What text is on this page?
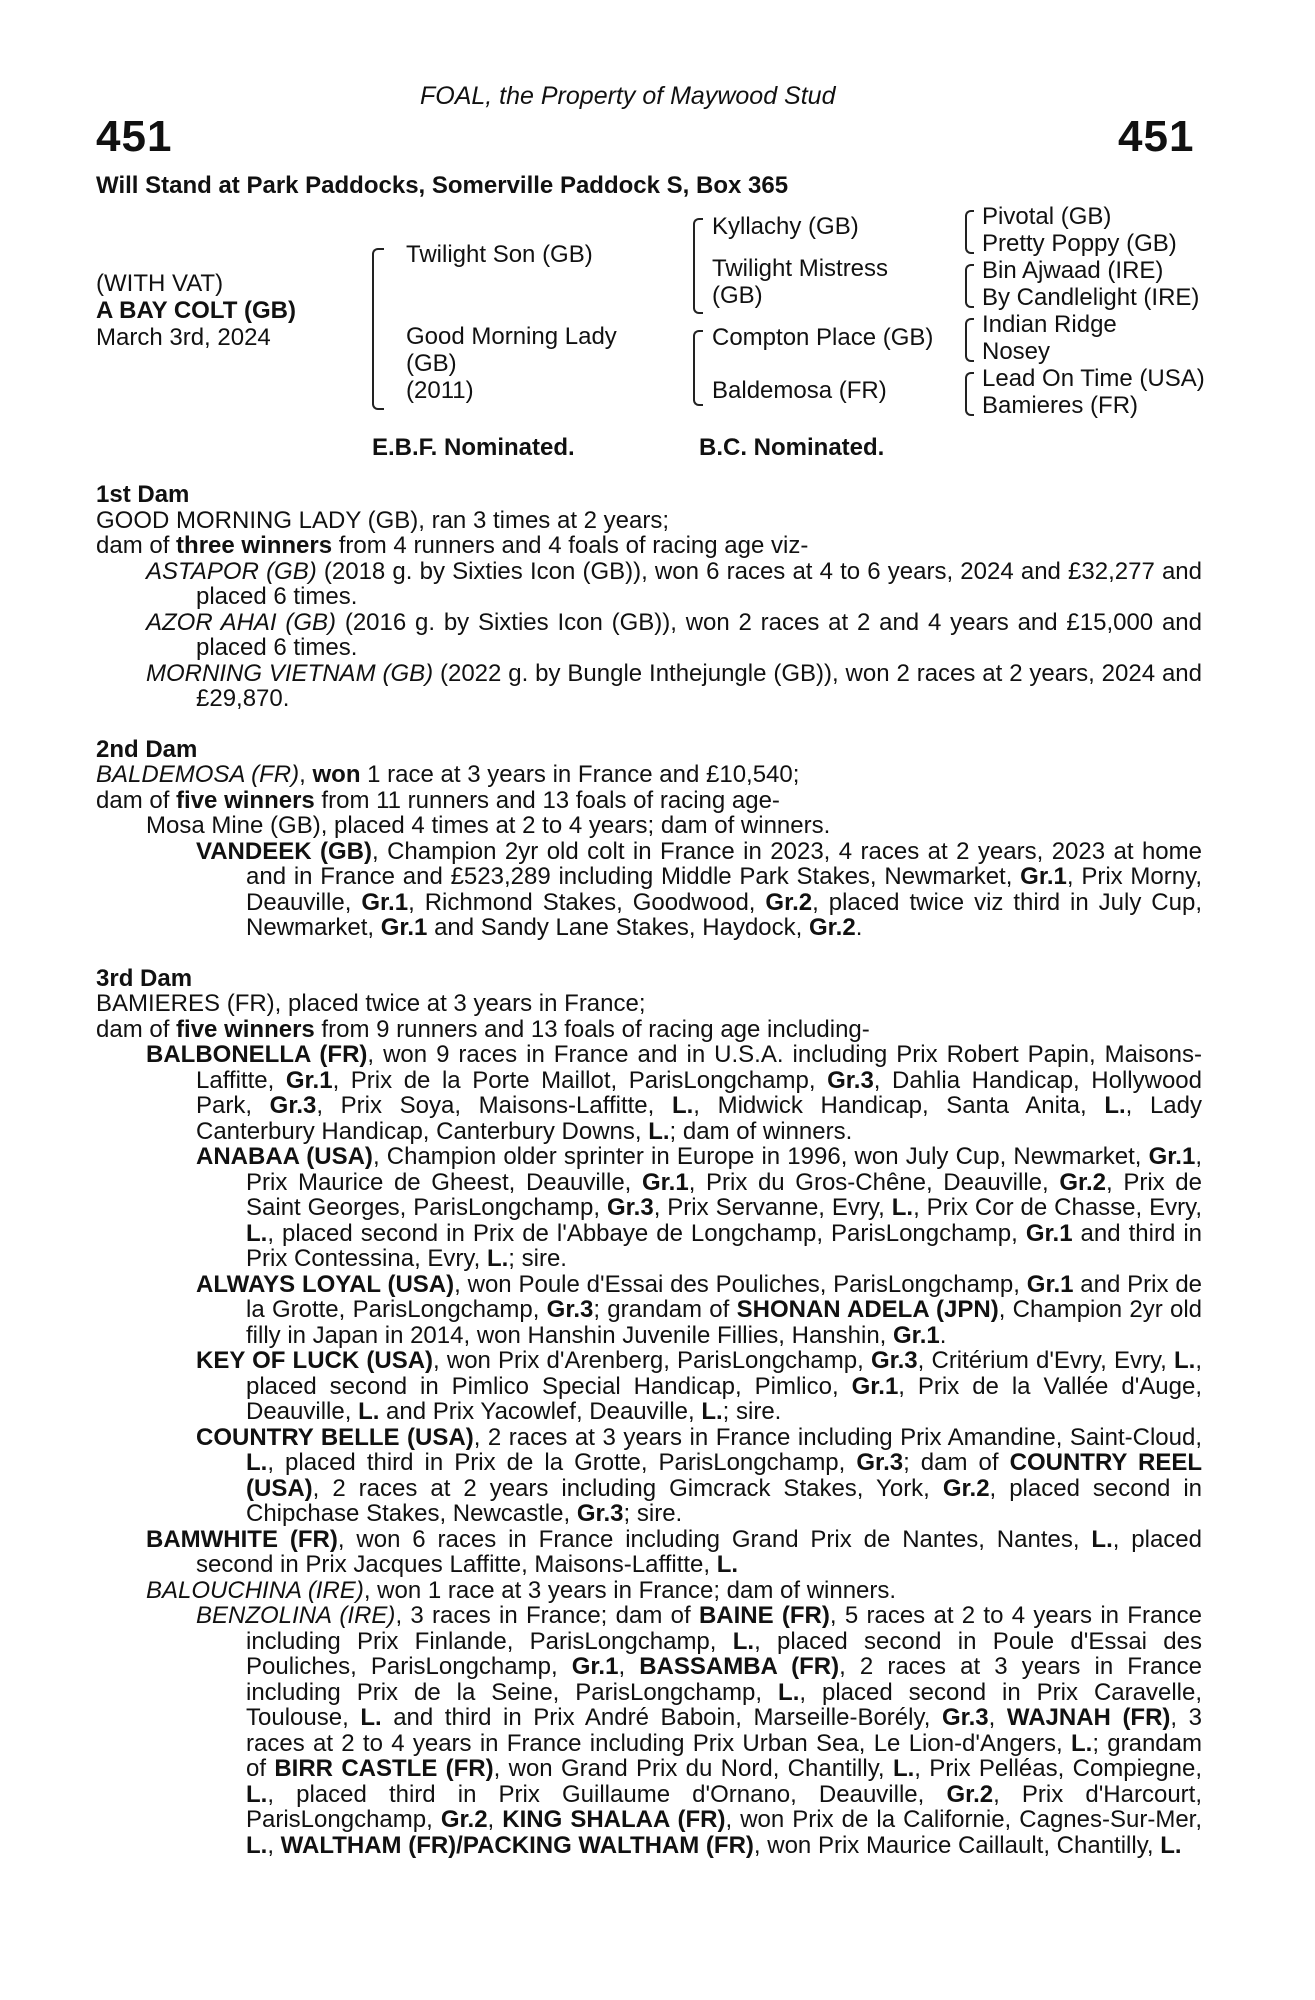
FOAL, the Property of Maywood Stud
451	451
Will Stand at Park Paddocks, Somerville Paddock S, Box 365
(WITH VAT)
A BAY COLT (GB)
March 3rd, 2024
Twilight Son (GB)
Good Morning Lady
(GB)
(2011)
Kyllachy (GB)
Twilight Mistress
(GB)
Compton Place (GB)
Baldemosa (FR)
Pivotal (GB)
Pretty Poppy (GB)
Bin Ajwaad (IRE)
By Candlelight (IRE)
Indian Ridge
Nosey
Lead On Time (USA)
Bamieres (FR)
E.B.F. Nominated.	B.C. Nominated.
1st Dam

GOOD MORNING LADY (GB), ran 3 times at 2 years;

dam of three winners from 4 runners and 4 foals of racing age viz-

ASTAPOR (GB) (2018 g. by Sixties Icon (GB)), won 6 races at 4 to 6 years, 2024 and £32,277 and placed 6 times.

AZOR AHAI (GB) (2016 g. by Sixties Icon (GB)), won 2 races at 2 and 4 years and £15,000 and placed 6 times.

MORNING VIETNAM (GB) (2022 g. by Bungle Inthejungle (GB)), won 2 races at 2 years, 2024 and £29,870.

2nd Dam

BALDEMOSA (FR), won 1 race at 3 years in France and £10,540;

dam of five winners from 11 runners and 13 foals of racing age-

Mosa Mine (GB), placed 4 times at 2 to 4 years; dam of winners.

VANDEEK (GB), Champion 2yr old colt in France in 2023, 4 races at 2 years, 2023 at home and in France and £523,289 including Middle Park Stakes, Newmarket, Gr.1, Prix Morny, Deauville, Gr.1, Richmond Stakes, Goodwood, Gr.2, placed twice viz third in July Cup, Newmarket, Gr.1 and Sandy Lane Stakes, Haydock, Gr.2.

3rd Dam

BAMIERES (FR), placed twice at 3 years in France;

dam of five winners from 9 runners and 13 foals of racing age including-

BALBONELLA (FR), won 9 races in France and in U.S.A. including Prix Robert Papin, Maisons-Laffitte, Gr.1, Prix de la Porte Maillot, ParisLongchamp, Gr.3, Dahlia Handicap, Hollywood Park, Gr.3, Prix Soya, Maisons-Laffitte, L., Midwick Handicap, Santa Anita, L., Lady Canterbury Handicap, Canterbury Downs, L.; dam of winners.

ANABAA (USA), Champion older sprinter in Europe in 1996, won July Cup, Newmarket, Gr.1, Prix Maurice de Gheest, Deauville, Gr.1, Prix du Gros-Chêne, Deauville, Gr.2, Prix de Saint Georges, ParisLongchamp, Gr.3, Prix Servanne, Evry, L., Prix Cor de Chasse, Evry, L., placed second in Prix de l'Abbaye de Longchamp, ParisLongchamp, Gr.1 and third in Prix Contessina, Evry, L.; sire.

ALWAYS LOYAL (USA), won Poule d'Essai des Pouliches, ParisLongchamp, Gr.1 and Prix de la Grotte, ParisLongchamp, Gr.3; grandam of SHONAN ADELA (JPN), Champion 2yr old filly in Japan in 2014, won Hanshin Juvenile Fillies, Hanshin, Gr.1.

KEY OF LUCK (USA), won Prix d'Arenberg, ParisLongchamp, Gr.3, Critérium d'Evry, Evry, L., placed second in Pimlico Special Handicap, Pimlico, Gr.1, Prix de la Vallée d'Auge, Deauville, L. and Prix Yacowlef, Deauville, L.; sire.

COUNTRY BELLE (USA), 2 races at 3 years in France including Prix Amandine, Saint-Cloud, L., placed third in Prix de la Grotte, ParisLongchamp, Gr.3; dam of COUNTRY REEL (USA), 2 races at 2 years including Gimcrack Stakes, York, Gr.2, placed second in Chipchase Stakes, Newcastle, Gr.3; sire.

BAMWHITE (FR), won 6 races in France including Grand Prix de Nantes, Nantes, L., placed second in Prix Jacques Laffitte, Maisons-Laffitte, L.

BALOUCHINA (IRE), won 1 race at 3 years in France; dam of winners.

BENZOLINA (IRE), 3 races in France; dam of BAINE (FR), 5 races at 2 to 4 years in France including Prix Finlande, ParisLongchamp, L., placed second in Poule d'Essai des Pouliches, ParisLongchamp, Gr.1, BASSAMBA (FR), 2 races at 3 years in France including Prix de la Seine, ParisLongchamp, L., placed second in Prix Caravelle, Toulouse, L. and third in Prix André Baboin, Marseille-Borély, Gr.3, WAJNAH (FR), 3 races at 2 to 4 years in France including Prix Urban Sea, Le Lion-d'Angers, L.; grandam of BIRR CASTLE (FR), won Grand Prix du Nord, Chantilly, L., Prix Pelléas, Compiegne, L., placed third in Prix Guillaume d'Ornano, Deauville, Gr.2, Prix d'Harcourt, ParisLongchamp, Gr.2, KING SHALAA (FR), won Prix de la Californie, Cagnes-Sur-Mer, L., WALTHAM (FR)/PACKING WALTHAM (FR), won Prix Maurice Caillault, Chantilly, L.
